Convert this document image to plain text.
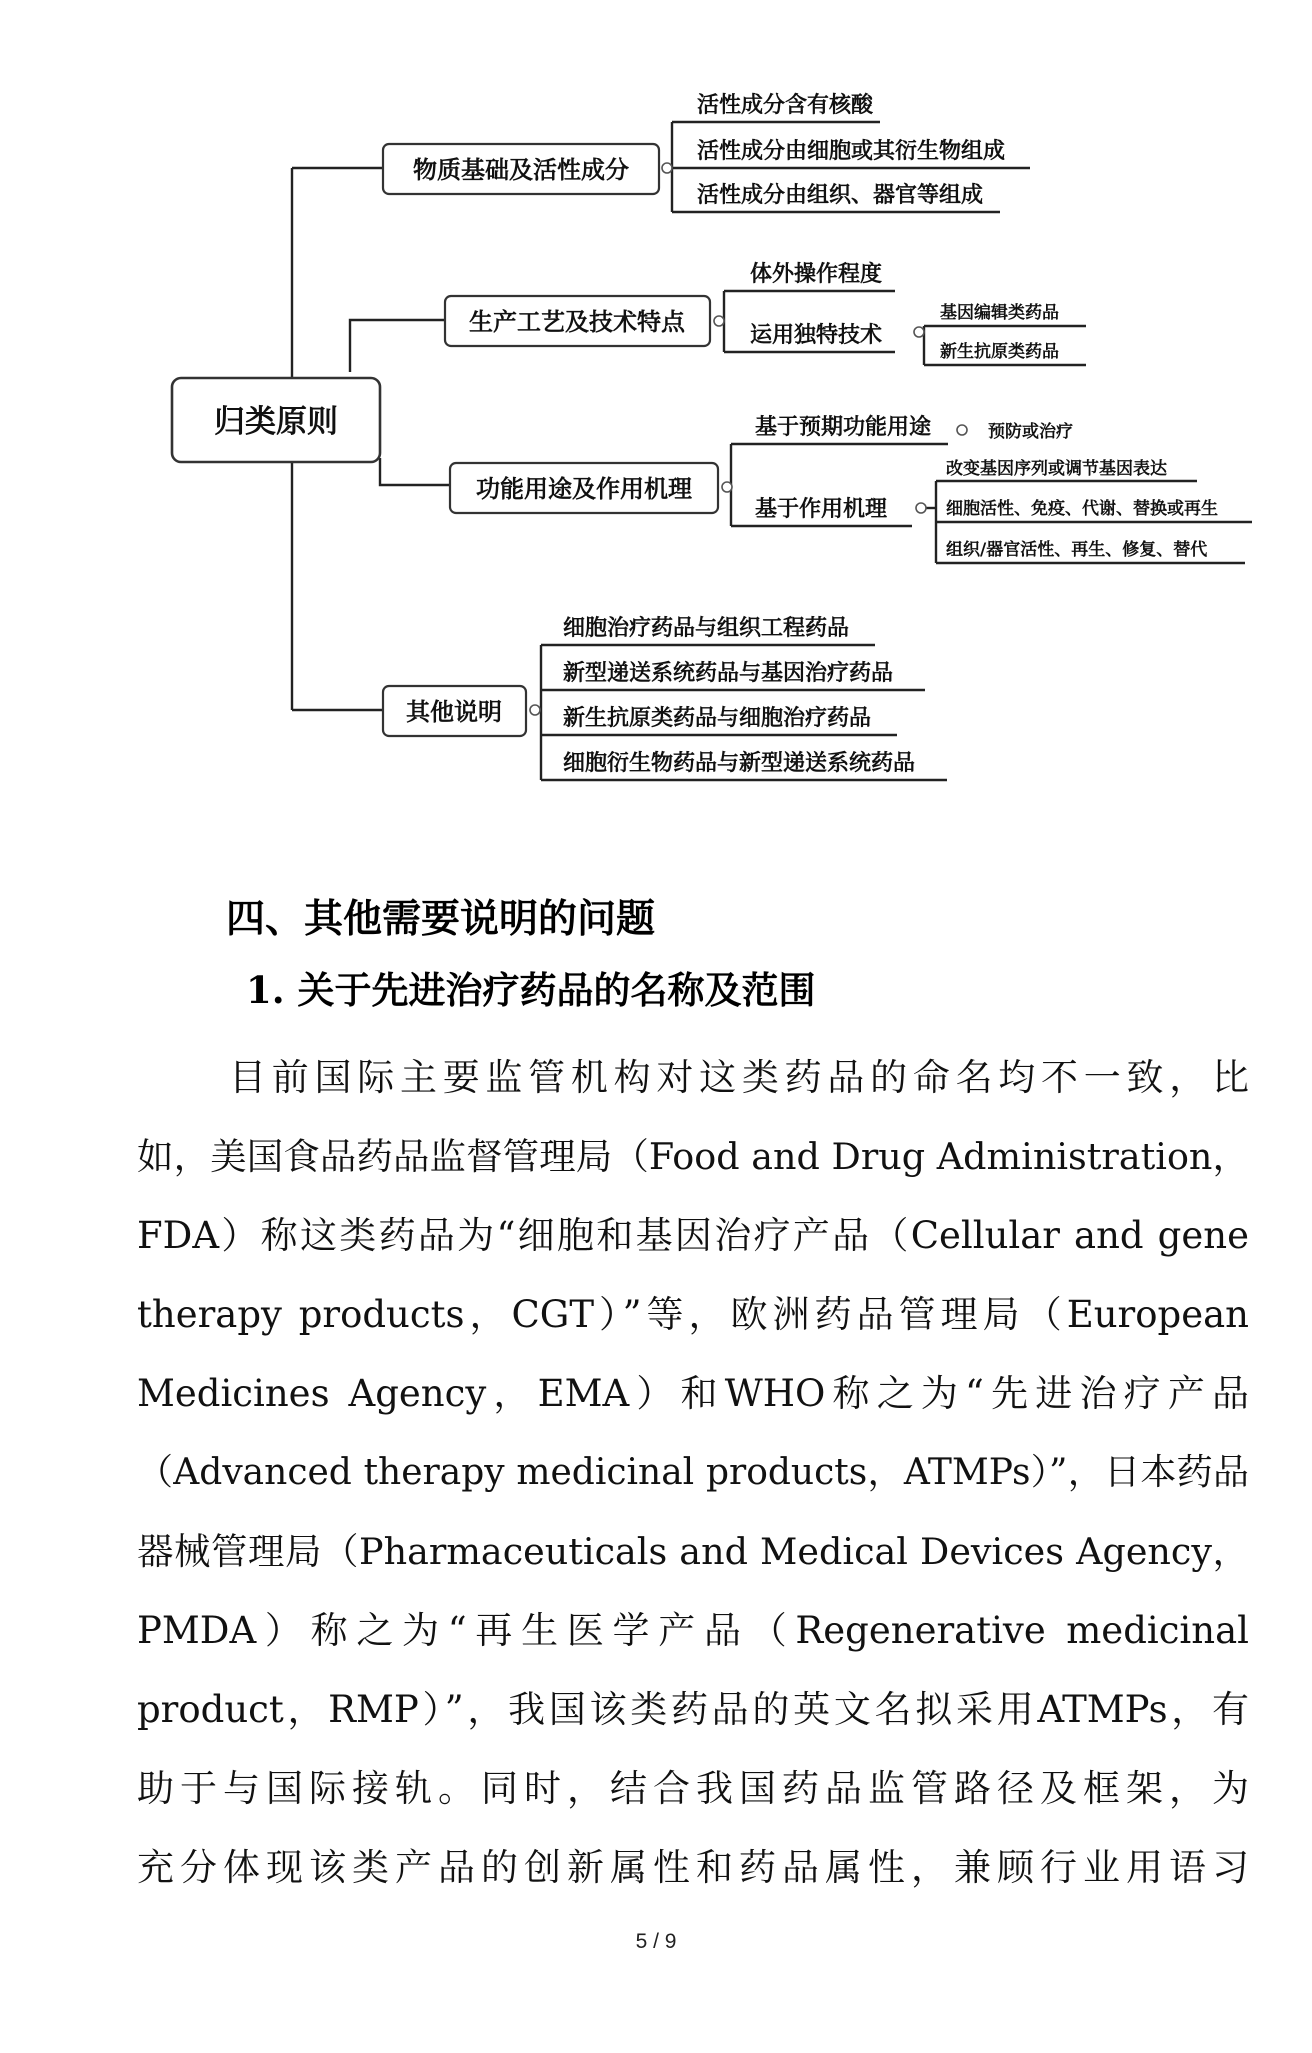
归类原则
物质基础及活性成分
生产工艺及技术特点
功能用途及作用机理
其他说明
活性成分含有核酸
活性成分由细胞或其衍生物组成
活性成分由组织、器官等组成
体外操作程度
运用独特技术
基因编辑类药品
新生抗原类药品
基于预期功能用途	预防或治疗
基于作用机理
改变基因序列或调节基因表达
细胞活性、免疫、代谢、替换或再生
组织/器官活性、再生、修复、替代
细胞治疗药品与组织工程药品
新型递送系统药品与基因治疗药品
新生抗原类药品与细胞治疗药品
细胞衍生物药品与新型递送系统药品
四、其他需要说明的问题
1. 关于先进治疗药品的名称及范围
目前国际主要监管机构对这类药品的命名均不一致，比
如，美国食品药品监督管理局（Food and Drug Administration，
FDA）称这类药品为“细胞和基因治疗产品（Cellular and gene
therapy products，CGT）”等，欧洲药品管理局（European
Medicines Agency，EMA）和WHO称之为“先进治疗产品
（Advanced therapy medicinal products，ATMPs）”，日本药品
器械管理局（Pharmaceuticals and Medical Devices Agency，
PMDA）称之为“再生医学产品（Regenerative medicinal
product，RMP）”，我国该类药品的英文名拟采用ATMPs，有
助于与国际接轨。同时，结合我国药品监管路径及框架，为
充分体现该类产品的创新属性和药品属性，兼顾行业用语习
5 / 9
